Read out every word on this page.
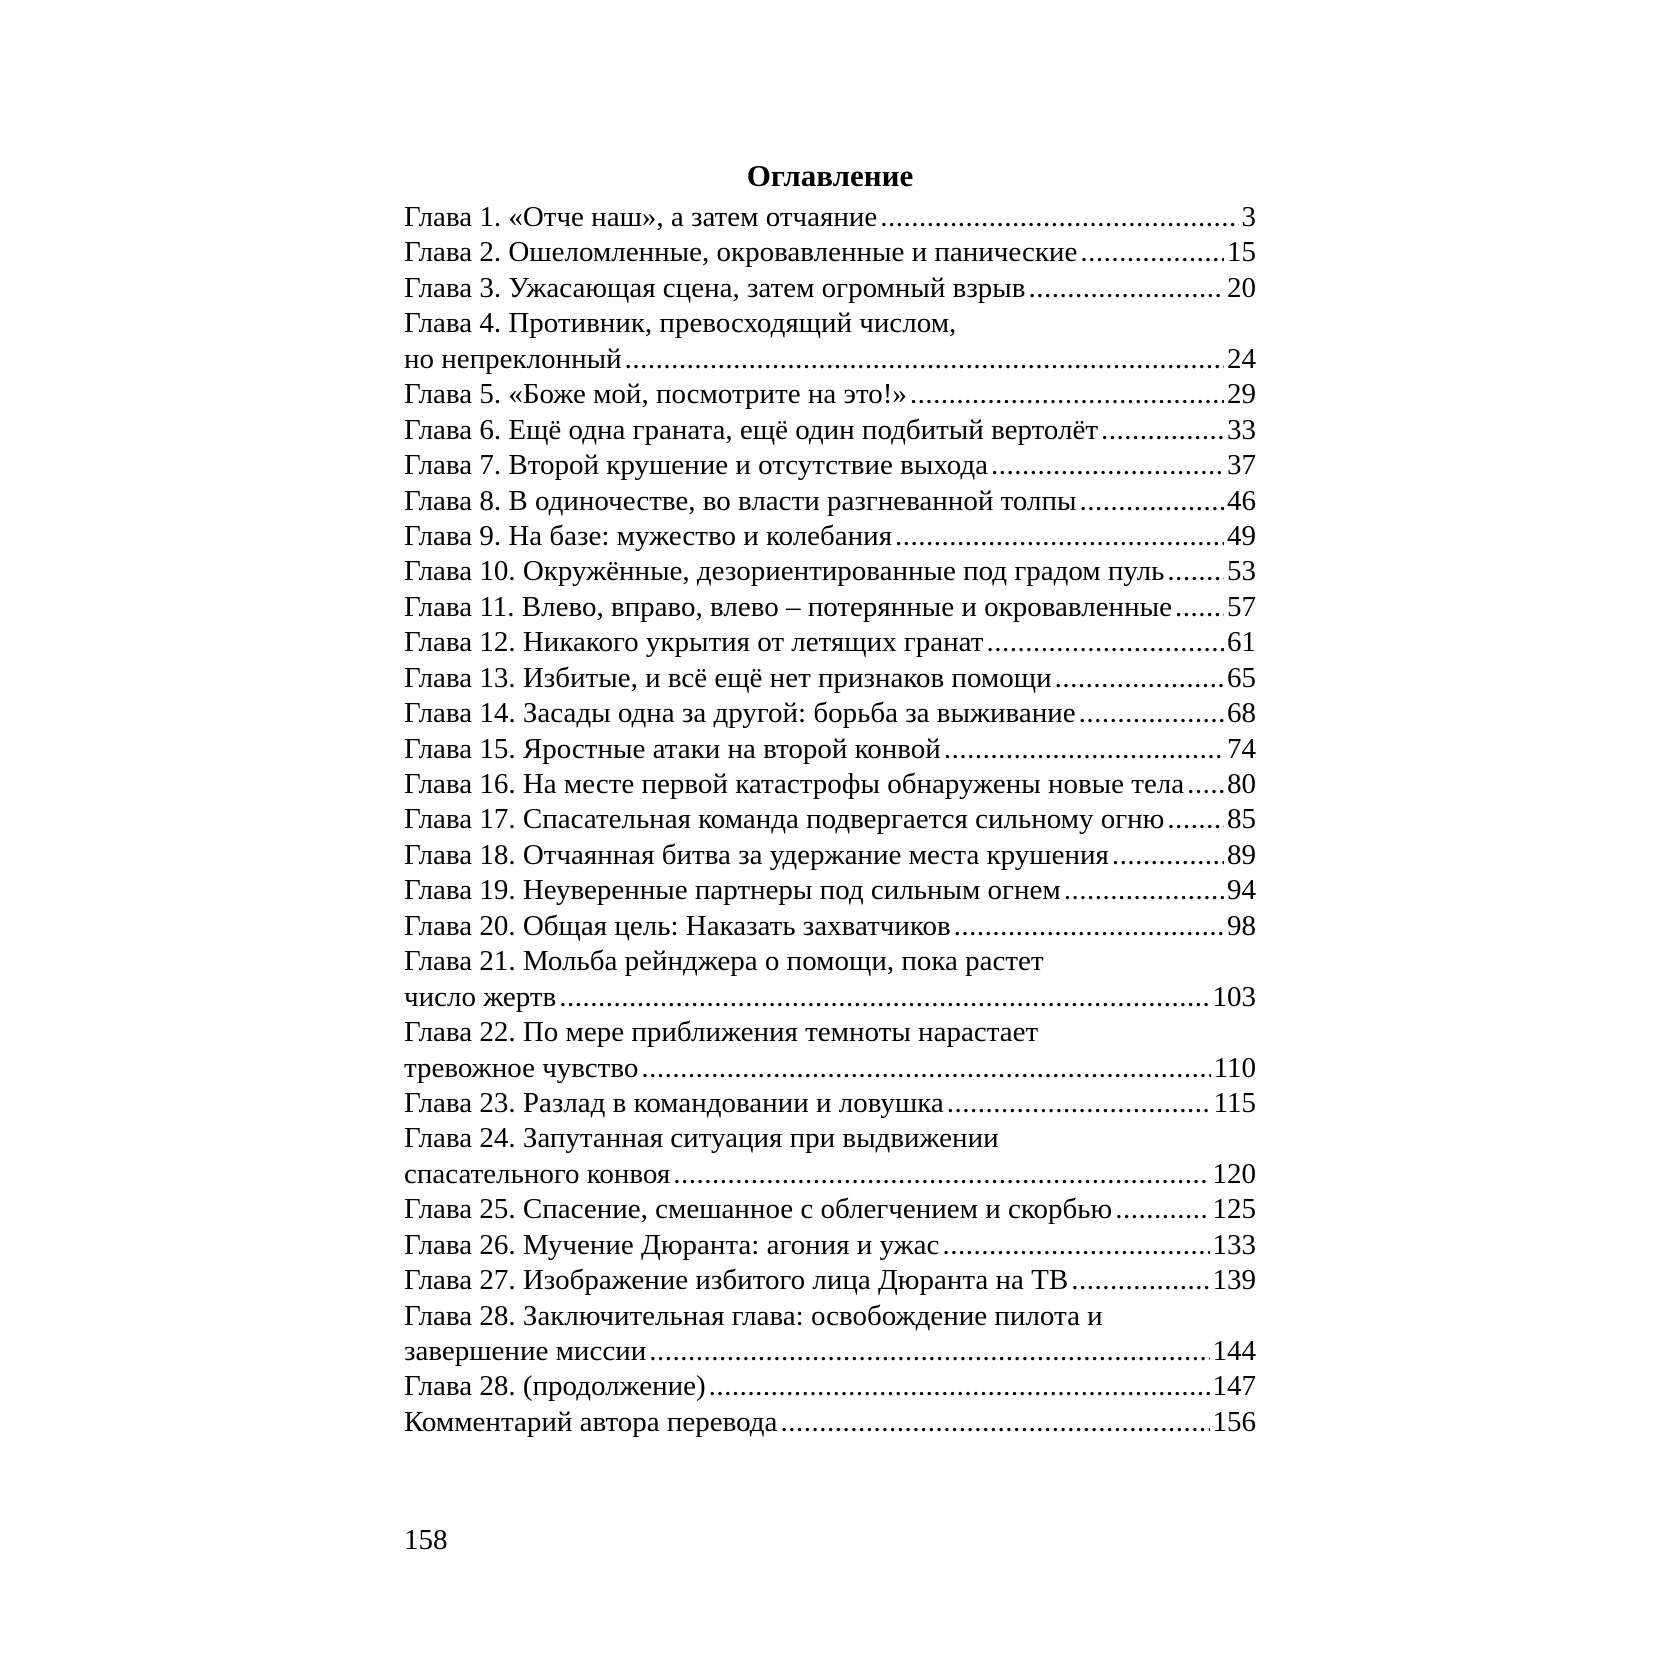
Оглавление
Глава 1. «Отче наш», а затем отчаяние .....	3
Глава 2. Ошеломленные, окровавленные и панические .....	15
Глава 3. Ужасающая сцена, затем огромный взрыв .....	20
Глава 4. Противник, превосходящий числом,
но непреклонный .....	24
Глава 5. «Боже мой, посмотрите на это!» .....	29
Глава 6. Ещё одна граната, ещё один подбитый вертолёт .....	33
Глава 7. Второй крушение и отсутствие выхода .....	37
Глава 8. В одиночестве, во власти разгневанной толпы .....	46
Глава 9. На базе: мужество и колебания .....	49
Глава 10. Окружённые, дезориентированные под градом пуль ..... 53
Глава 11. Влево, вправо, влево – потерянные и окровавленные ..... 57
Глава 12. Никакого укрытия от летящих гранат .....	61
Глава 13. Избитые, и всё ещё нет признаков помощи .....	65
Глава 14. Засады одна за другой: борьба за выживание .....	68
Глава 15. Яростные атаки на второй конвой .....	74
Глава 16. На месте первой катастрофы обнаружены новые тела ..... 80
Глава 17. Спасательная команда подвергается сильному огню ..... 85
Глава 18. Отчаянная битва за удержание места крушения .....	89
Глава 19. Неуверенные партнеры под сильным огнем .....	94
Глава 20. Общая цель: Наказать захватчиков .....	98
Глава 21. Мольба рейнджера о помощи, пока растет
число жертв .....	103
Глава 22. По мере приближения темноты нарастает
тревожное чувство .....	110
Глава 23. Разлад в командовании и ловушка .....	115
Глава 24. Запутанная ситуация при выдвижении
спасательного конвоя .....	120
Глава 25. Спасение, смешанное с облегчением и скорбью .....	125
Глава 26. Мучение Дюранта: агония и ужас .....	133
Глава 27. Изображение избитого лица Дюранта на ТВ .....	139
Глава 28. Заключительная глава: освобождение пилота и
завершение миссии .....	144
Глава 28. (продолжение) .....	147
Комментарий автора перевода .....	156
158
